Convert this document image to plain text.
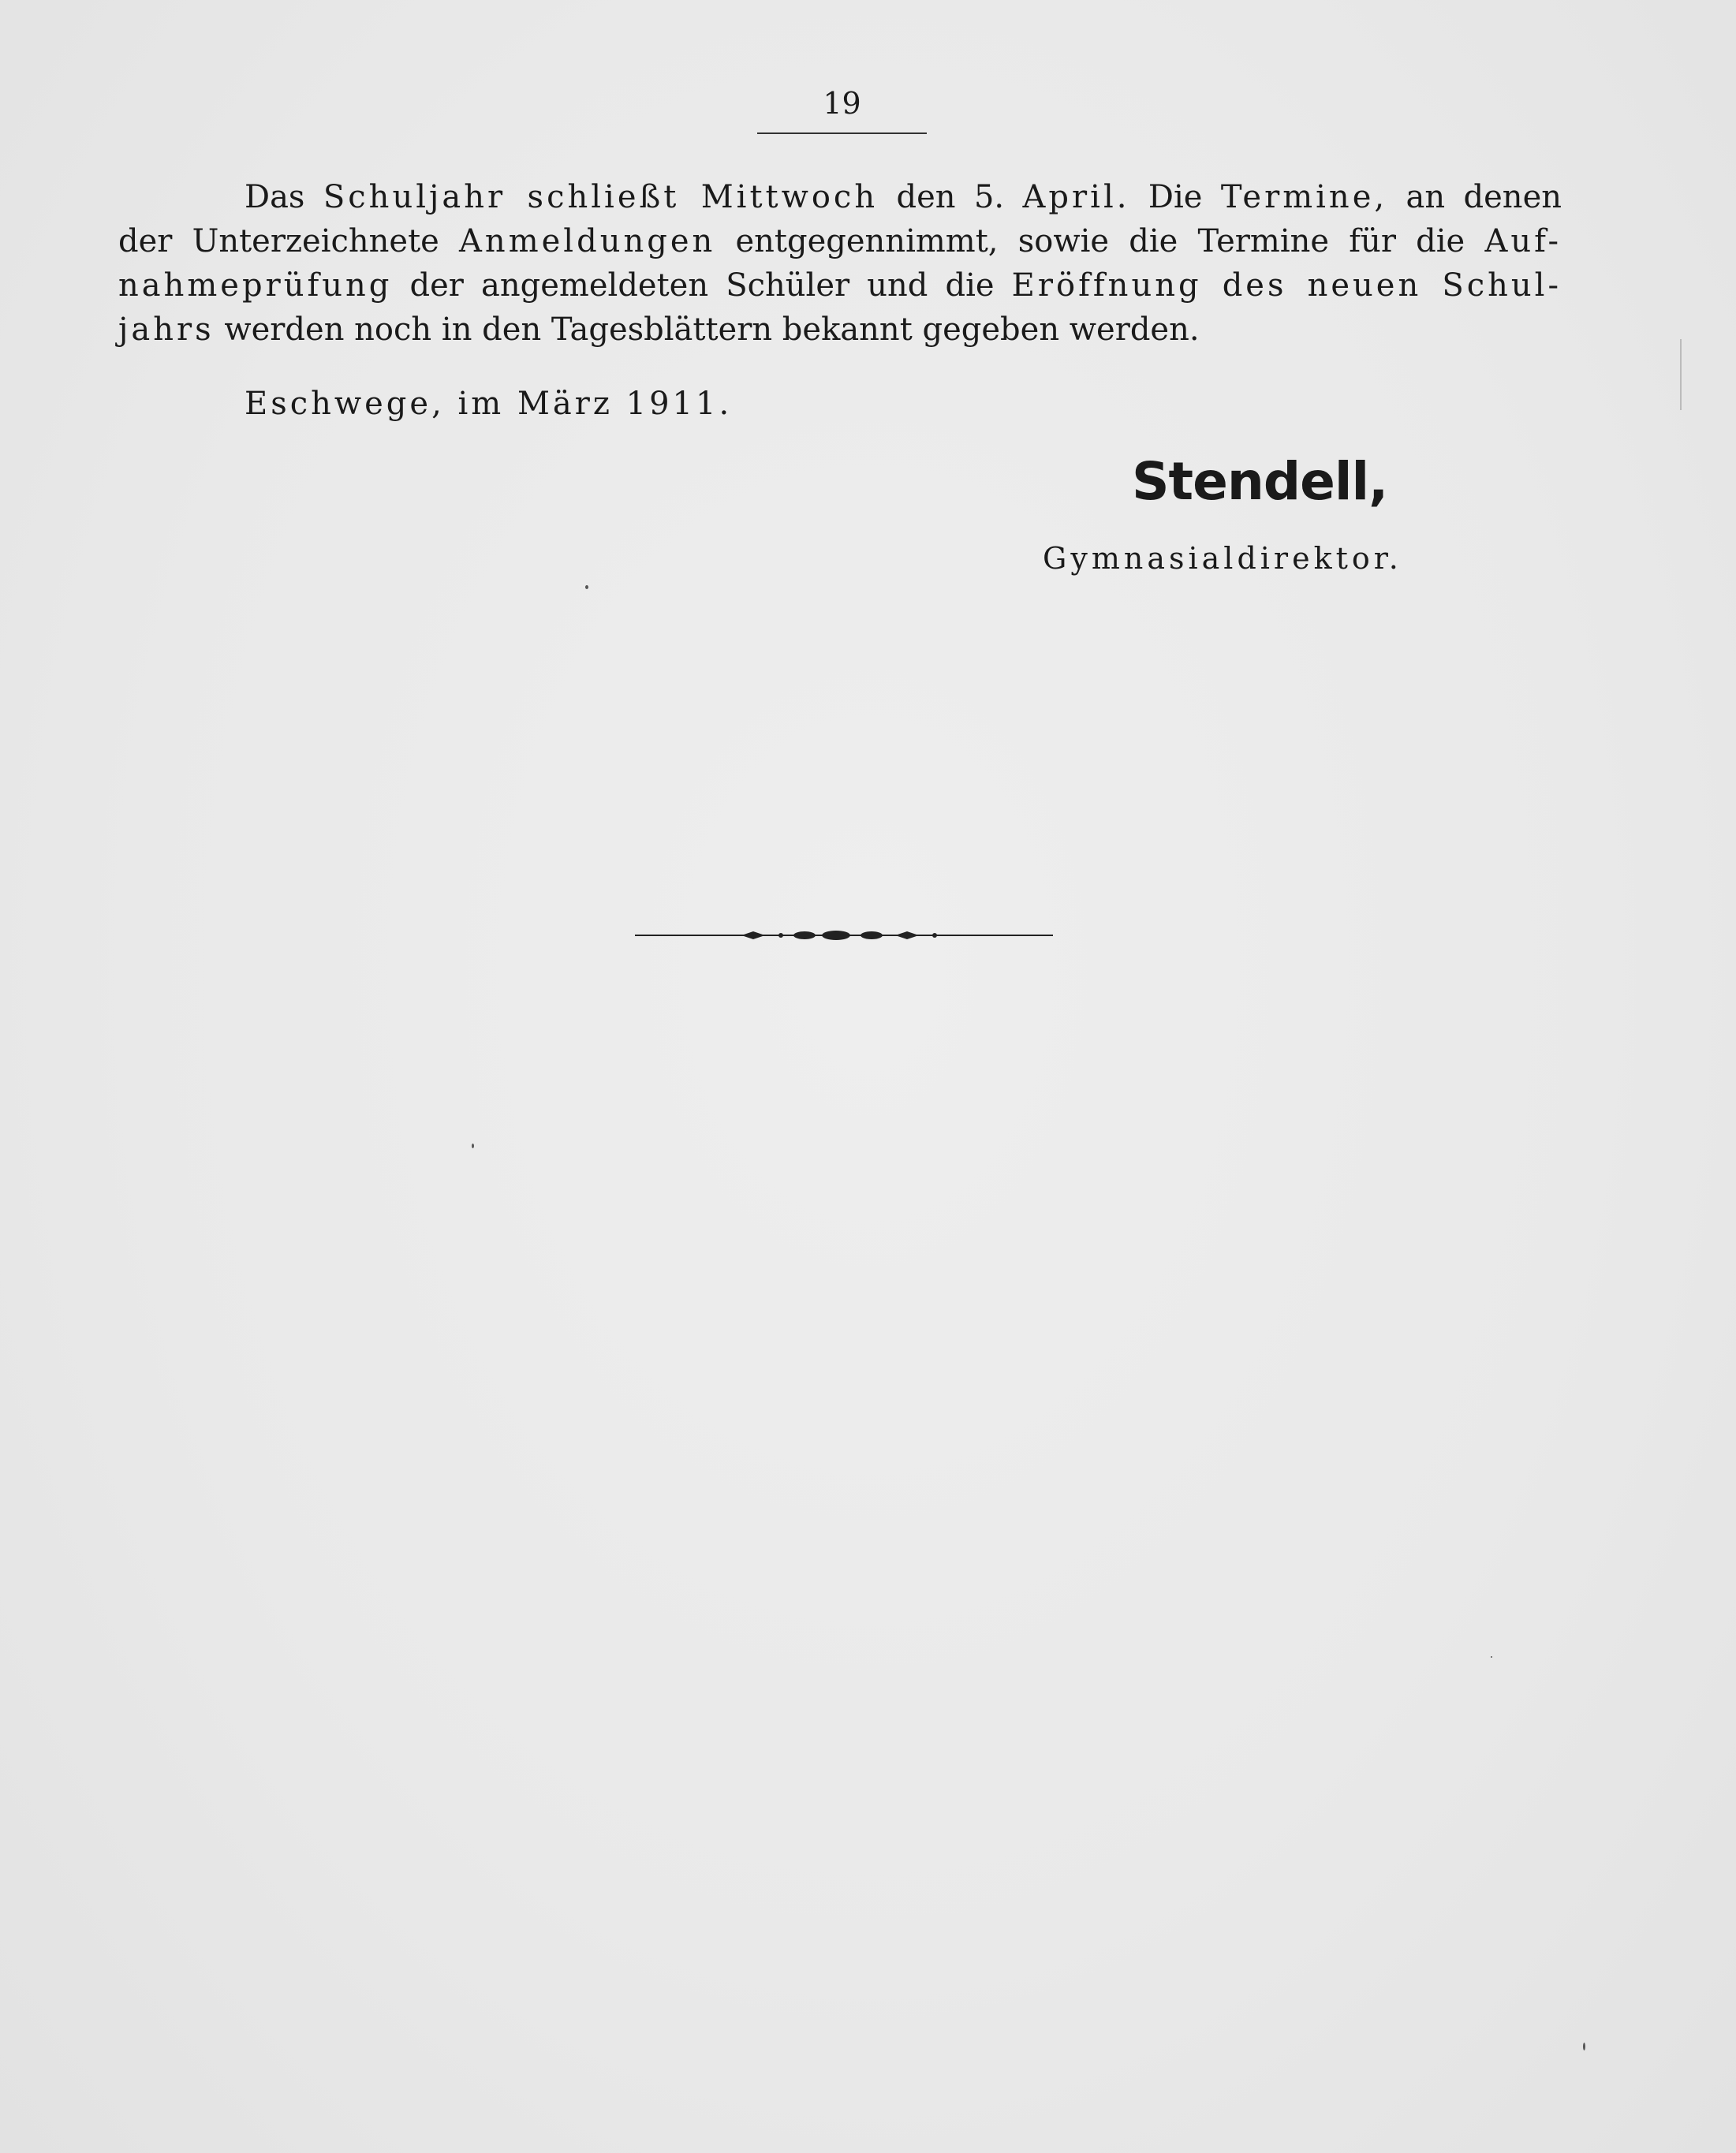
19
Das Schuljahr schließt Mittwoch den 5. April. Die Termine, an denen
der Unterzeichnete Anmeldungen entgegennimmt, sowie die Termine für die Auf-
nahmeprüfung der angemeldeten Schüler und die Eröffnung des neuen Schul-
jahrs werden noch in den Tagesblättern bekannt gegeben werden.
Eschwege, im März 1911.
Stendell,
Gymnasialdirektor.
